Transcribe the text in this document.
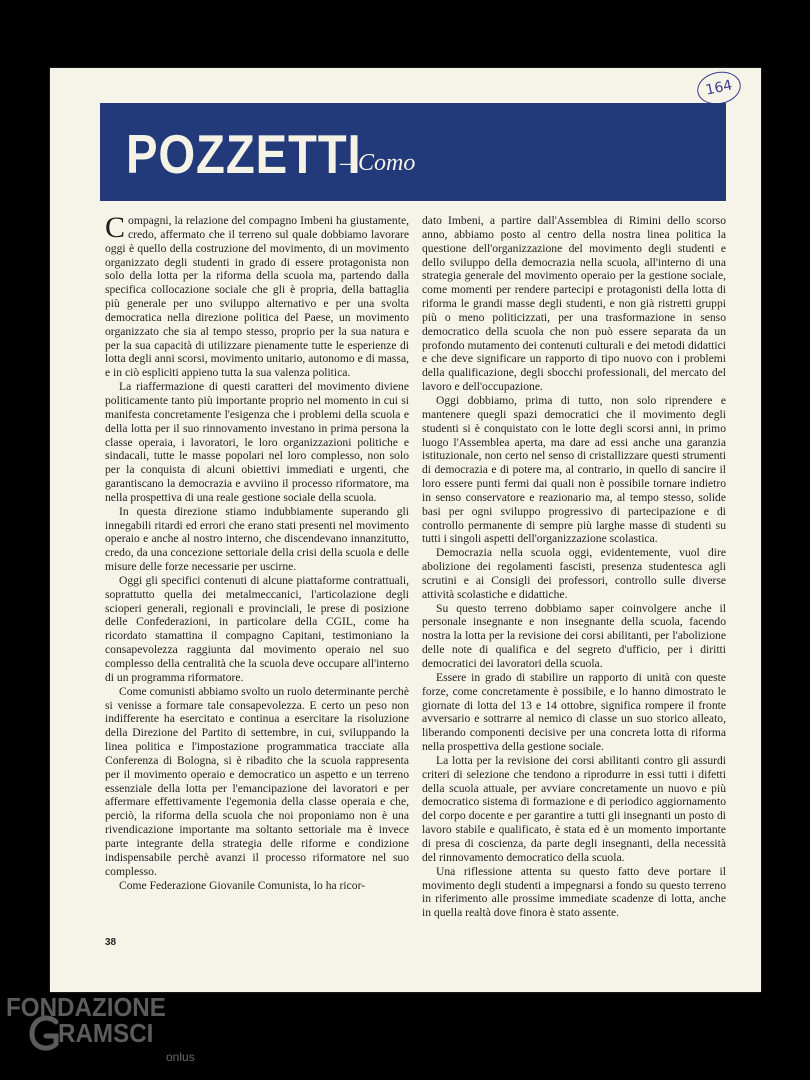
164
POZZETTI
– Como

Compagni, la relazione del compagno Imbeni ha giustamente, credo, affermato che il terreno sul quale dobbiamo lavorare oggi è quello della costruzione del movimento, di un movimento organizzato degli studenti in grado di essere protagonista non solo della lotta per la riforma della scuola ma, partendo dalla specifica collocazione sociale che gli è propria, della battaglia più generale per uno sviluppo alternativo e per una svolta democratica nella direzione politica del Paese, un movimento organizzato che sia al tempo stesso, proprio per la sua natura e per la sua capacità di utilizzare pienamente tutte le esperienze di lotta degli anni scorsi, movimento unitario, autonomo e di massa, e in ciò espliciti appieno tutta la sua valenza politica.

La riaffermazione di questi caratteri del movimento diviene politicamente tanto più importante proprio nel momento in cui si manifesta concretamente l'esigenza che i problemi della scuola e della lotta per il suo rinnovamento investano in prima persona la classe operaia, i lavoratori, le loro organizzazioni politiche e sindacali, tutte le masse popolari nel loro complesso, non solo per la conquista di alcuni obiettivi immediati e urgenti, che garantiscano la democrazia e avviino il processo riformatore, ma nella prospettiva di una reale gestione sociale della scuola.

In questa direzione stiamo indubbiamente superando gli innegabili ritardi ed errori che erano stati presenti nel movimento operaio e anche al nostro interno, che discendevano innanzitutto, credo, da una concezione settoriale della crisi della scuola e delle misure delle forze necessarie per uscirne.

Oggi gli specifici contenuti di alcune piattaforme contrattuali, soprattutto quella dei metalmeccanici, l'articolazione degli scioperi generali, regionali e provinciali, le prese di posizione delle Confederazioni, in particolare della CGIL, come ha ricordato stamattina il compagno Capitani, testimoniano la consapevolezza raggiunta dal movimento operaio nel suo complesso della centralità che la scuola deve occupare all'interno di un programma riformatore.

Come comunisti abbiamo svolto un ruolo determinante perchè si venisse a formare tale consapevolezza. E certo un peso non indifferente ha esercitato e continua a esercitare la risoluzione della Direzione del Partito di settembre, in cui, sviluppando la linea politica e l'impostazione programmatica tracciate alla Conferenza di Bologna, si è ribadito che la scuola rappresenta per il movimento operaio e democratico un aspetto e un terreno essenziale della lotta per l'emancipazione dei lavoratori e per affermare effettivamente l'egemonia della classe operaia e che, perciò, la riforma della scuola che noi proponiamo non è una rivendicazione importante ma soltanto settoriale ma è invece parte integrante della strategia delle riforme e condizione indispensabile perchè avanzi il processo riformatore nel suo complesso.

Come Federazione Giovanile Comunista, lo ha ricor-

dato Imbeni, a partire dall'Assemblea di Rimini dello scorso anno, abbiamo posto al centro della nostra linea politica la questione dell'organizzazione del movimento degli studenti e dello sviluppo della democrazia nella scuola, all'interno di una strategia generale del movimento operaio per la gestione sociale, come momenti per rendere partecipi e protagonisti della lotta di riforma le grandi masse degli studenti, e non già ristretti gruppi più o meno politicizzati, per una trasformazione in senso democratico della scuola che non può essere separata da un profondo mutamento dei contenuti culturali e dei metodi didattici e che deve significare un rapporto di tipo nuovo con i problemi della qualificazione, degli sbocchi professionali, del mercato del lavoro e dell'occupazione.

Oggi dobbiamo, prima di tutto, non solo riprendere e mantenere quegli spazi democratici che il movimento degli studenti si è conquistato con le lotte degli scorsi anni, in primo luogo l'Assemblea aperta, ma dare ad essi anche una garanzia istituzionale, non certo nel senso di cristallizzare questi strumenti di democrazia e di potere ma, al contrario, in quello di sancire il loro essere punti fermi dai quali non è possibile tornare indietro in senso conservatore e reazionario ma, al tempo stesso, solide basi per ogni sviluppo progressivo di partecipazione e di controllo permanente di sempre più larghe masse di studenti su tutti i singoli aspetti dell'organizzazione scolastica.

Democrazia nella scuola oggi, evidentemente, vuol dire abolizione dei regolamenti fascisti, presenza studentesca agli scrutini e ai Consigli dei professori, controllo sulle diverse attività scolastiche e didattiche.

Su questo terreno dobbiamo saper coinvolgere anche il personale insegnante e non insegnante della scuola, facendo nostra la lotta per la revisione dei corsi abilitanti, per l'abolizione delle note di qualifica e del segreto d'ufficio, per i diritti democratici dei lavoratori della scuola.

Essere in grado di stabilire un rapporto di unità con queste forze, come concretamente è possibile, e lo hanno dimostrato le giornate di lotta del 13 e 14 ottobre, significa rompere il fronte avversario e sottrarre al nemico di classe un suo storico alleato, liberando componenti decisive per una concreta lotta di riforma nella prospettiva della gestione sociale.

La lotta per la revisione dei corsi abilitanti contro gli assurdi criteri di selezione che tendono a riprodurre in essi tutti i difetti della scuola attuale, per avviare concretamente un nuovo e più democratico sistema di formazione e di periodico aggiornamento del corpo docente e per garantire a tutti gli insegnanti un posto di lavoro stabile e qualificato, è stata ed è un momento importante di presa di coscienza, da parte degli insegnanti, della necessità del rinnovamento democratico della scuola.

Una riflessione attenta su questo fatto deve portare il movimento degli studenti a impegnarsi a fondo su questo terreno in riferimento alle prossime immediate scadenze di lotta, anche in quella realtà dove finora è stato assente.

38
FONDAZIONE
RAMSCI
onlus
